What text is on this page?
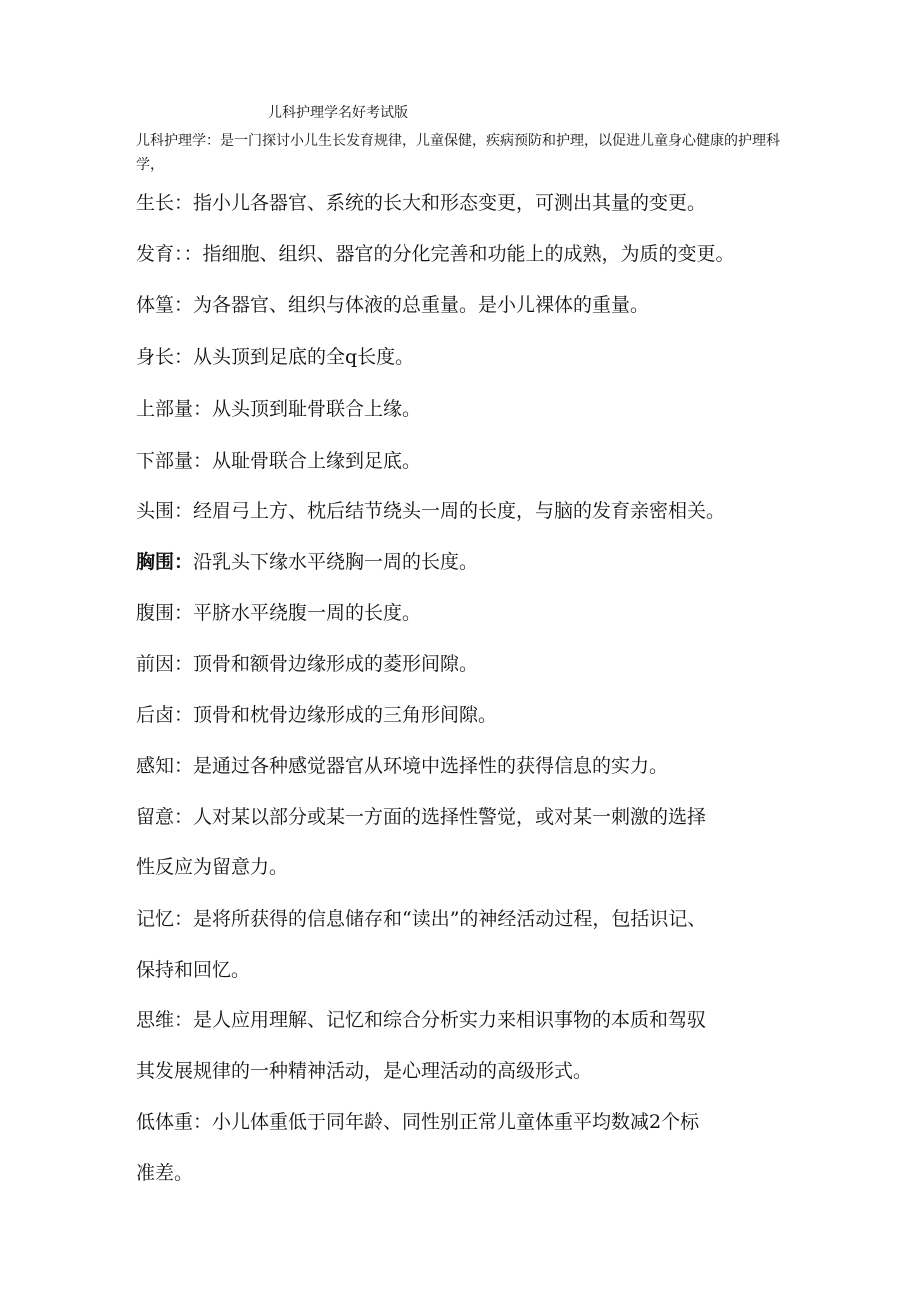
儿科护理学名好考试版
儿科护理学：是一门探讨小儿生长发育规律，儿童保健，疾病预防和护理，以促进儿童身心健康的护理科学，
生长：指小儿各器官、系统的长大和形态变更，可测出其量的变更。
发育：：指细胞、组织、器官的分化完善和功能上的成熟，为质的变更。
体篁：为各器官、组织与体液的总重量。是小儿裸体的重量。
身长：从头顶到足底的全q长度。
上部量：从头顶到耻骨联合上缘。
下部量：从耻骨联合上缘到足底。
头围：经眉弓上方、枕后结节绕头一周的长度，与脑的发育亲密相关。
胸围：沿乳头下缘水平绕胸一周的长度。
腹围：平脐水平绕腹一周的长度。
前因：顶骨和额骨边缘形成的菱形间隙。
后卤：顶骨和枕骨边缘形成的三角形间隙。
感知：是通过各种感觉器官从环境中选择性的获得信息的实力。
留意：人对某以部分或某一方面的选择性警觉，或对某一刺激的选择
性反应为留意力。
记忆：是将所获得的信息储存和“读出”的神经活动过程，包括识记、
保持和回忆。
思维：是人应用理解、记忆和综合分析实力来相识事物的本质和驾驭
其发展规律的一种精神活动，是心理活动的高级形式。
低体重：小儿体重低于同年龄、同性别正常儿童体重平均数减2个标
准差。
